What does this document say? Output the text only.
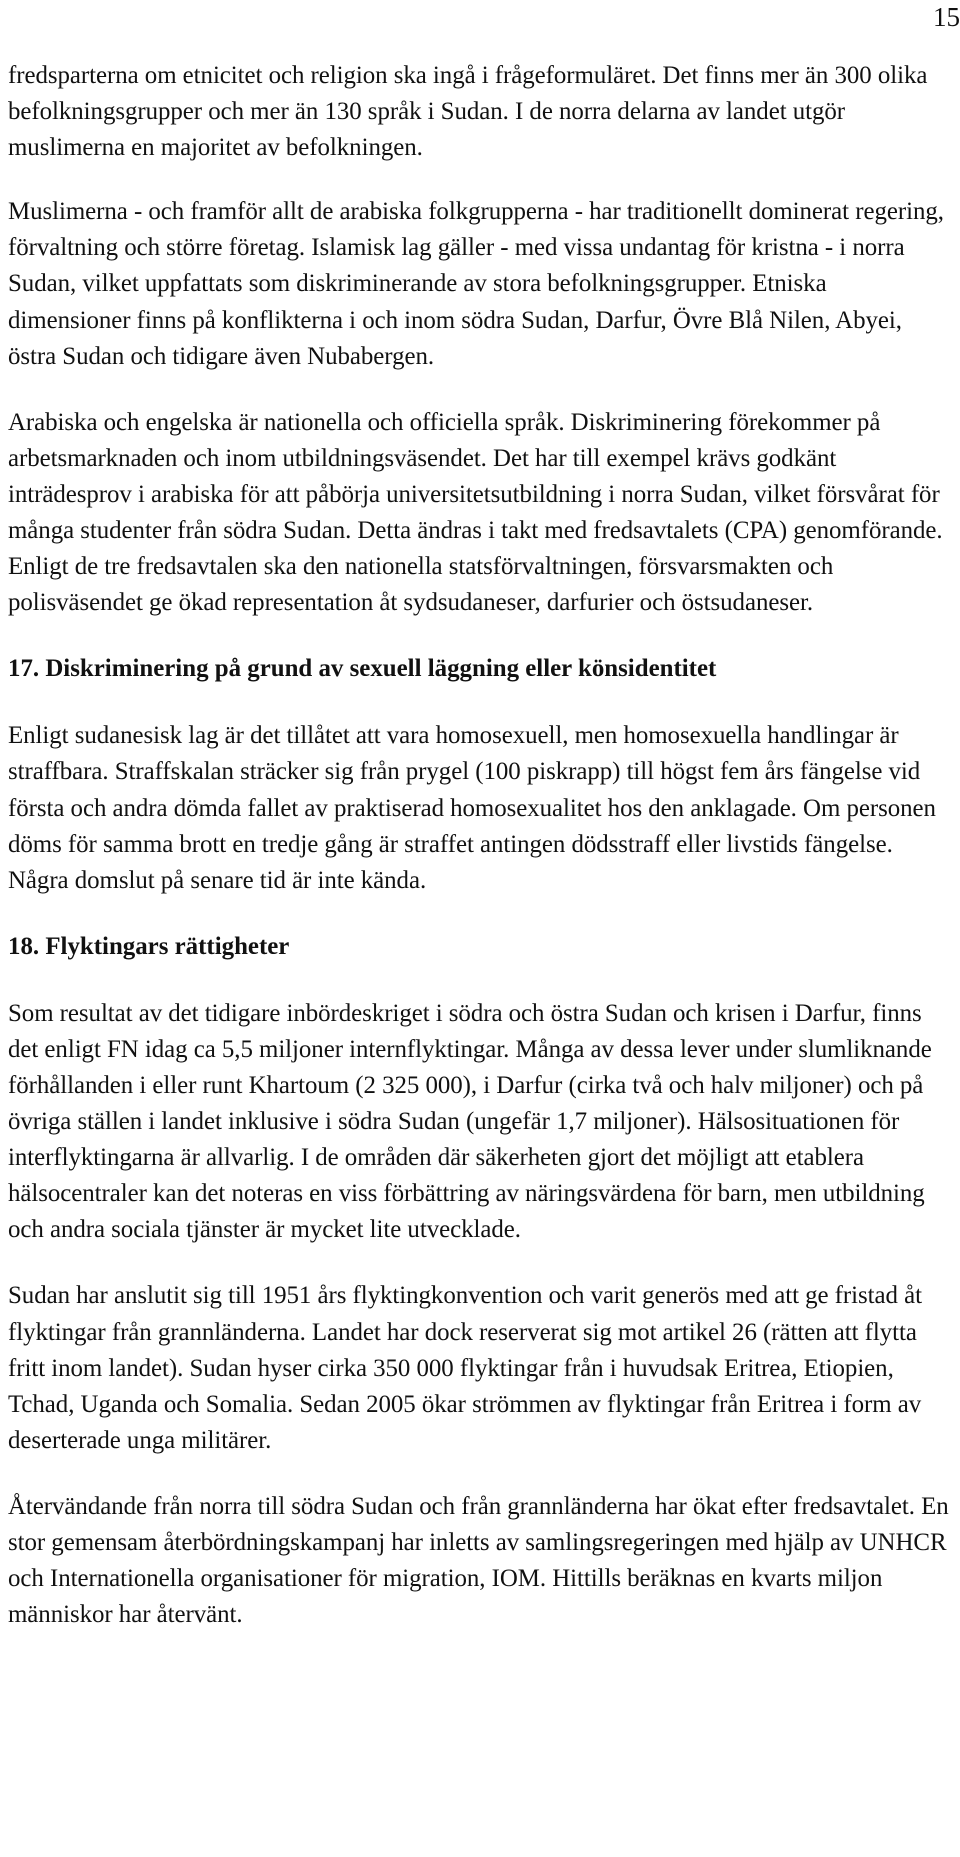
15

fredsparterna om etnicitet och religion ska ingå i frågeformuläret. Det finns mer än 300 olika befolkningsgrupper och mer än 130 språk i Sudan. I de norra delarna av landet utgör muslimerna en majoritet av befolkningen.

Muslimerna - och framför allt de arabiska folkgrupperna - har traditionellt dominerat regering, förvaltning och större företag. Islamisk lag gäller - med vissa undantag för kristna - i norra Sudan, vilket uppfattats som diskriminerande av stora befolkningsgrupper. Etniska dimensioner finns på konflikterna i och inom södra Sudan, Darfur, Övre Blå Nilen, Abyei, östra Sudan och tidigare även Nubabergen.

Arabiska och engelska är nationella och officiella språk. Diskriminering förekommer på arbetsmarknaden och inom utbildningsväsendet. Det har till exempel krävs godkänt inträdesprov i arabiska för att påbörja universitetsutbildning i norra Sudan, vilket försvårat för många studenter från södra Sudan. Detta ändras i takt med fredsavtalets (CPA) genomförande. Enligt de tre fredsavtalen ska den nationella statsförvaltningen, försvarsmakten och polisväsendet ge ökad representation åt sydsudaneser, darfurier och östsudaneser.

17. Diskriminering på grund av sexuell läggning eller könsidentitet

Enligt sudanesisk lag är det tillåtet att vara homosexuell, men homosexuella handlingar är straffbara. Straffskalan sträcker sig från prygel (100 piskrapp) till högst fem års fängelse vid första och andra dömda fallet av praktiserad homosexualitet hos den anklagade. Om personen döms för samma brott en tredje gång är straffet antingen dödsstraff eller livstids fängelse. Några domslut på senare tid är inte kända.

18. Flyktingars rättigheter

Som resultat av det tidigare inbördeskriget i södra och östra Sudan och krisen i Darfur, finns det enligt FN idag ca 5,5 miljoner internflyktingar. Många av dessa lever under slumliknande förhållanden i eller runt Khartoum (2 325 000), i Darfur (cirka två och halv miljoner) och på övriga ställen i landet inklusive i södra Sudan (ungefär 1,7 miljoner). Hälsosituationen för interflyktingarna är allvarlig. I de områden där säkerheten gjort det möjligt att etablera hälsocentraler kan det noteras en viss förbättring av näringsvärdena för barn, men utbildning och andra sociala tjänster är mycket lite utvecklade.

Sudan har anslutit sig till 1951 års flyktingkonvention och varit generös med att ge fristad åt flyktingar från grannländerna. Landet har dock reserverat sig mot artikel 26 (rätten att flytta fritt inom landet). Sudan hyser cirka 350 000 flyktingar från i huvudsak Eritrea, Etiopien, Tchad, Uganda och Somalia. Sedan 2005 ökar strömmen av flyktingar från Eritrea i form av deserterade unga militärer.

Återvändande från norra till södra Sudan och från grannländerna har ökat efter fredsavtalet. En stor gemensam återbördningskampanj har inletts av samlingsregeringen med hjälp av UNHCR och Internationella organisationer för migration, IOM. Hittills beräknas en kvarts miljon människor har återvänt.
